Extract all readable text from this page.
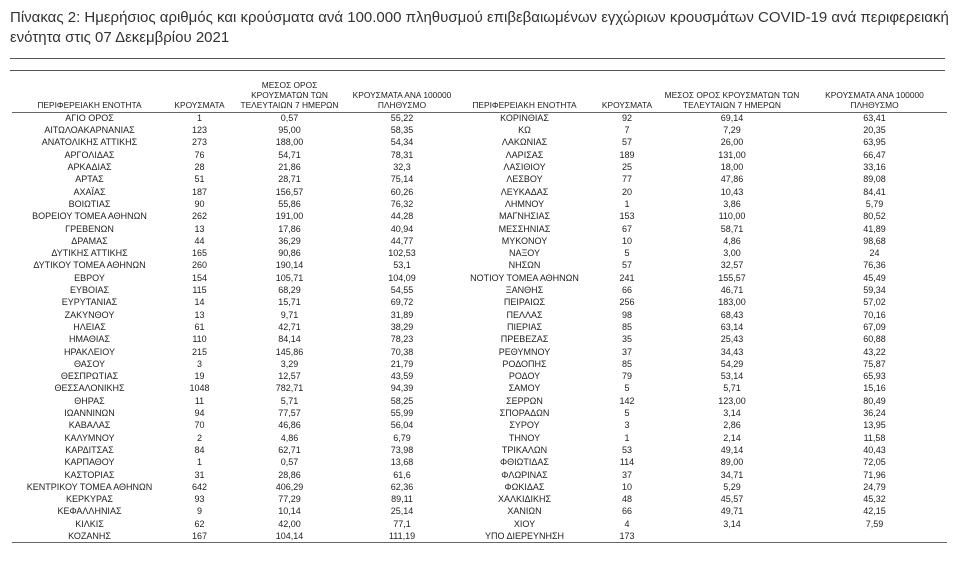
Πίνακας 2: Ημερήσιος αριθμός και κρούσματα ανά 100.000 πληθυσμού επιβεβαιωμένων εγχώριων κρουσμάτων COVID-19 ανά περιφερειακή ενότητα στις 07 Δεκεμβρίου 2021
ΠΕΡΙΦΕΡΕΙΑΚΗ ΕΝΟΤΗΤΑ	ΚΡΟΥΣΜΑΤΑ	ΜΕΣΟΣ ΟΡΟΣ ΚΡΟΥΣΜΑΤΩΝ ΤΩΝ ΤΕΛΕΥΤΑΙΩΝ 7 ΗΜΕΡΩΝ	ΚΡΟΥΣΜΑΤΑ ΑΝΑ 100000 ΠΛΗΘΥΣΜΟ	ΠΕΡΙΦΕΡΕΙΑΚΗ ΕΝΟΤΗΤΑ	ΚΡΟΥΣΜΑΤΑ	ΜΕΣΟΣ ΟΡΟΣ ΚΡΟΥΣΜΑΤΩΝ ΤΩΝ ΤΕΛΕΥΤΑΙΩΝ 7 ΗΜΕΡΩΝ	ΚΡΟΥΣΜΑΤΑ ΑΝΑ 100000 ΠΛΗΘΥΣΜΟ
ΑΓΙΟ ΟΡΟΣ	1	0,57	55,22	ΚΟΡΙΝΘΙΑΣ	92	69,14	63,41
ΑΙΤΩΛΟΑΚΑΡΝΑΝΙΑΣ	123	95,00	58,35	ΚΩ	7	7,29	20,35
ΑΝΑΤΟΛΙΚΗΣ ΑΤΤΙΚΗΣ	273	188,00	54,34	ΛΑΚΩΝΙΑΣ	57	26,00	63,95
ΑΡΓΟΛΙΔΑΣ	76	54,71	78,31	ΛΑΡΙΣΑΣ	189	131,00	66,47
ΑΡΚΑΔΙΑΣ	28	21,86	32,3	ΛΑΣΙΘΙΟΥ	25	18,00	33,16
ΑΡΤΑΣ	51	28,71	75,14	ΛΕΣΒΟΥ	77	47,86	89,08
ΑΧΑΪΑΣ	187	156,57	60,26	ΛΕΥΚΑΔΑΣ	20	10,43	84,41
ΒΟΙΩΤΙΑΣ	90	55,86	76,32	ΛΗΜΝΟΥ	1	3,86	5,79
ΒΟΡΕΙΟΥ ΤΟΜΕΑ ΑΘΗΝΩΝ	262	191,00	44,28	ΜΑΓΝΗΣΙΑΣ	153	110,00	80,52
ΓΡΕΒΕΝΩΝ	13	17,86	40,94	ΜΕΣΣΗΝΙΑΣ	67	58,71	41,89
ΔΡΑΜΑΣ	44	36,29	44,77	ΜΥΚΟΝΟΥ	10	4,86	98,68
ΔΥΤΙΚΗΣ ΑΤΤΙΚΗΣ	165	90,86	102,53	ΝΑΞΟΥ	5	3,00	24
ΔΥΤΙΚΟΥ ΤΟΜΕΑ ΑΘΗΝΩΝ	260	190,14	53,1	ΝΗΣΩΝ	57	32,57	76,36
ΕΒΡΟΥ	154	105,71	104,09	ΝΟΤΙΟΥ ΤΟΜΕΑ ΑΘΗΝΩΝ	241	155,57	45,49
ΕΥΒΟΙΑΣ	115	68,29	54,55	ΞΑΝΘΗΣ	66	46,71	59,34
ΕΥΡΥΤΑΝΙΑΣ	14	15,71	69,72	ΠΕΙΡΑΙΩΣ	256	183,00	57,02
ΖΑΚΥΝΘΟΥ	13	9,71	31,89	ΠΕΛΛΑΣ	98	68,43	70,16
ΗΛΕΙΑΣ	61	42,71	38,29	ΠΙΕΡΙΑΣ	85	63,14	67,09
ΗΜΑΘΙΑΣ	110	84,14	78,23	ΠΡΕΒΕΖΑΣ	35	25,43	60,88
ΗΡΑΚΛΕΙΟΥ	215	145,86	70,38	ΡΕΘΥΜΝΟΥ	37	34,43	43,22
ΘΑΣΟΥ	3	3,29	21,79	ΡΟΔΟΠΗΣ	85	54,29	75,87
ΘΕΣΠΡΩΤΙΑΣ	19	12,57	43,59	ΡΟΔΟΥ	79	53,14	65,93
ΘΕΣΣΑΛΟΝΙΚΗΣ	1048	782,71	94,39	ΣΑΜΟΥ	5	5,71	15,16
ΘΗΡΑΣ	11	5,71	58,25	ΣΕΡΡΩΝ	142	123,00	80,49
ΙΩΑΝΝΙΝΩΝ	94	77,57	55,99	ΣΠΟΡΑΔΩΝ	5	3,14	36,24
ΚΑΒΑΛΑΣ	70	46,86	56,04	ΣΥΡΟΥ	3	2,86	13,95
ΚΑΛΥΜΝΟΥ	2	4,86	6,79	ΤΗΝΟΥ	1	2,14	11,58
ΚΑΡΔΙΤΣΑΣ	84	62,71	73,98	ΤΡΙΚΑΛΩΝ	53	49,14	40,43
ΚΑΡΠΑΘΟΥ	1	0,57	13,68	ΦΘΙΩΤΙΔΑΣ	114	89,00	72,05
ΚΑΣΤΟΡΙΑΣ	31	28,86	61,6	ΦΛΩΡΙΝΑΣ	37	34,71	71,96
ΚΕΝΤΡΙΚΟΥ ΤΟΜΕΑ ΑΘΗΝΩΝ	642	406,29	62,36	ΦΩΚΙΔΑΣ	10	5,29	24,79
ΚΕΡΚΥΡΑΣ	93	77,29	89,11	ΧΑΛΚΙΔΙΚΗΣ	48	45,57	45,32
ΚΕΦΑΛΛΗΝΙΑΣ	9	10,14	25,14	ΧΑΝΙΩΝ	66	49,71	42,15
ΚΙΛΚΙΣ	62	42,00	77,1	ΧΙΟΥ	4	3,14	7,59
ΚΟΖΑΝΗΣ	167	104,14	111,19	ΥΠΟ ΔΙΕΡΕΥΝΗΣΗ	173		
